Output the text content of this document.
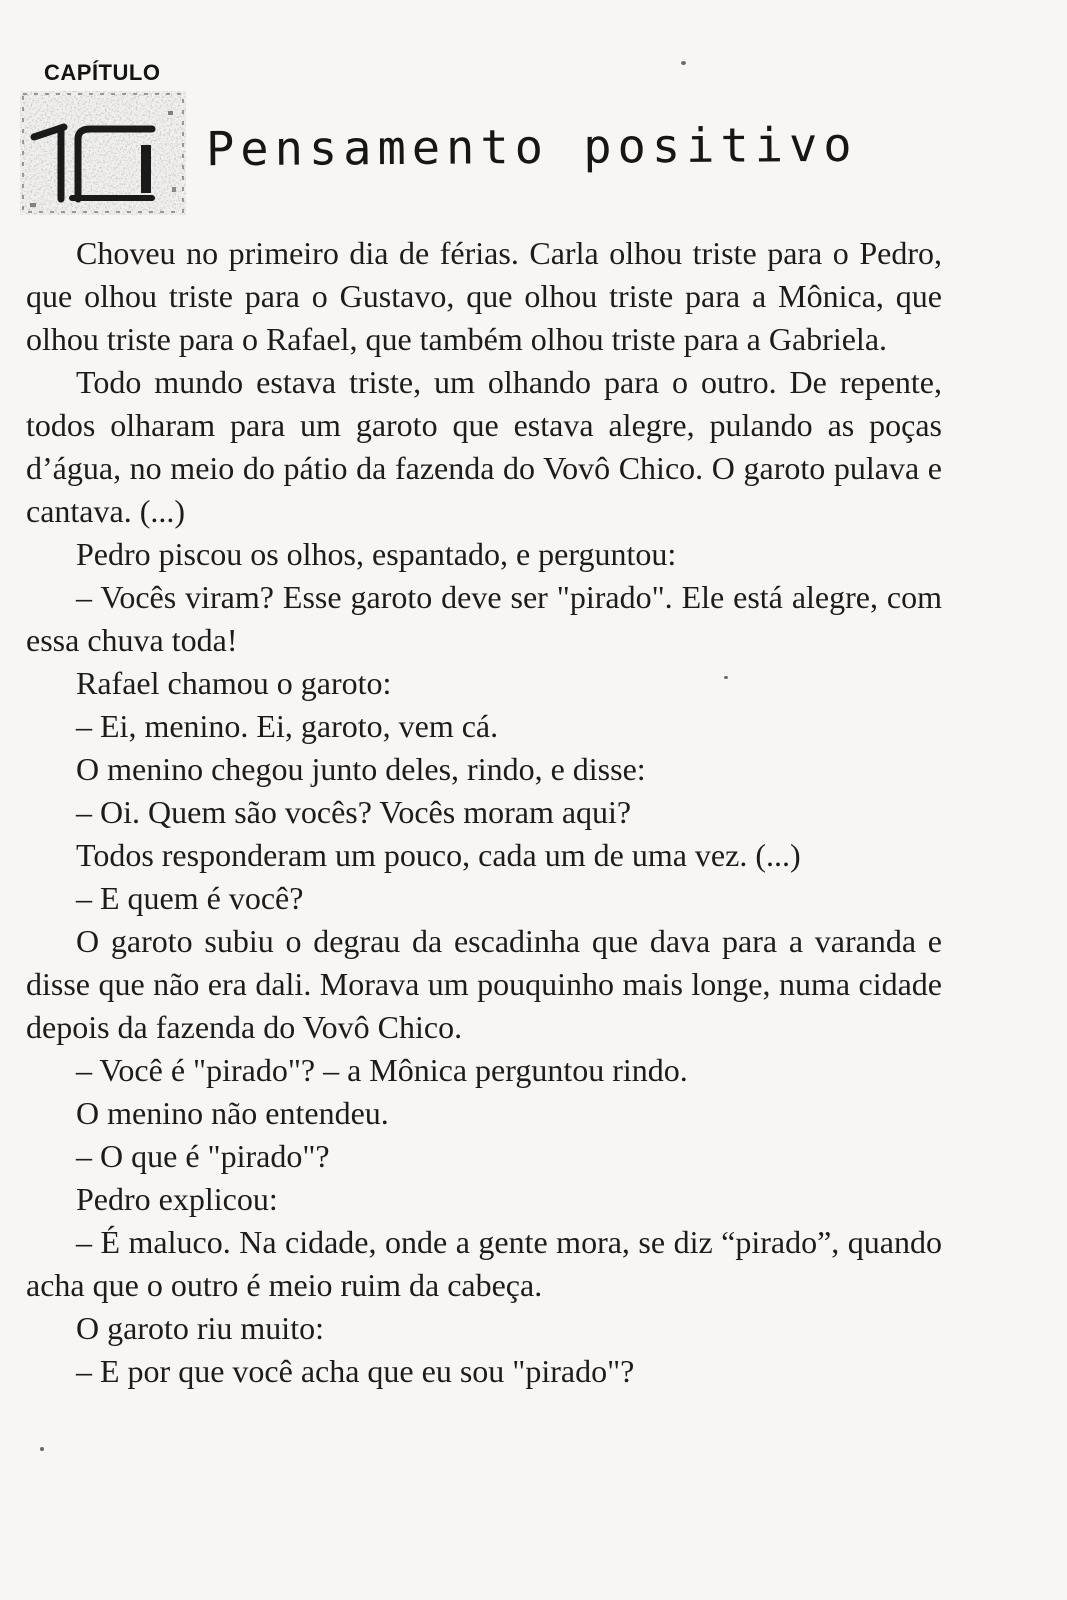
CAPÍTULO
Pensamento positivo

Choveu no primeiro dia de férias. Carla olhou triste para o Pedro, que olhou triste para o Gustavo, que olhou triste para a Mônica, que olhou triste para o Rafael, que também olhou triste para a Gabriela.

Todo mundo estava triste, um olhando para o outro. De repente, todos olharam para um garoto que estava alegre, pulando as poças d’água, no meio do pátio da fazenda do Vovô Chico. O garoto pulava e cantava. (...)

Pedro piscou os olhos, espantado, e perguntou:

– Vocês viram? Esse garoto deve ser "pirado". Ele está alegre, com essa chuva toda!

Rafael chamou o garoto:

– Ei, menino. Ei, garoto, vem cá.

O menino chegou junto deles, rindo, e disse:

– Oi. Quem são vocês? Vocês moram aqui?

Todos responderam um pouco, cada um de uma vez. (...)

– E quem é você?

O garoto subiu o degrau da escadinha que dava para a varanda e disse que não era dali. Morava um pouquinho mais longe, numa cidade depois da fazenda do Vovô Chico.

– Você é "pirado"? – a Mônica perguntou rindo.

O menino não entendeu.

– O que é "pirado"?

Pedro explicou:

– É maluco. Na cidade, onde a gente mora, se diz “pirado”, quando acha que o outro é meio ruim da cabeça.

O garoto riu muito:

– E por que você acha que eu sou "pirado"?
